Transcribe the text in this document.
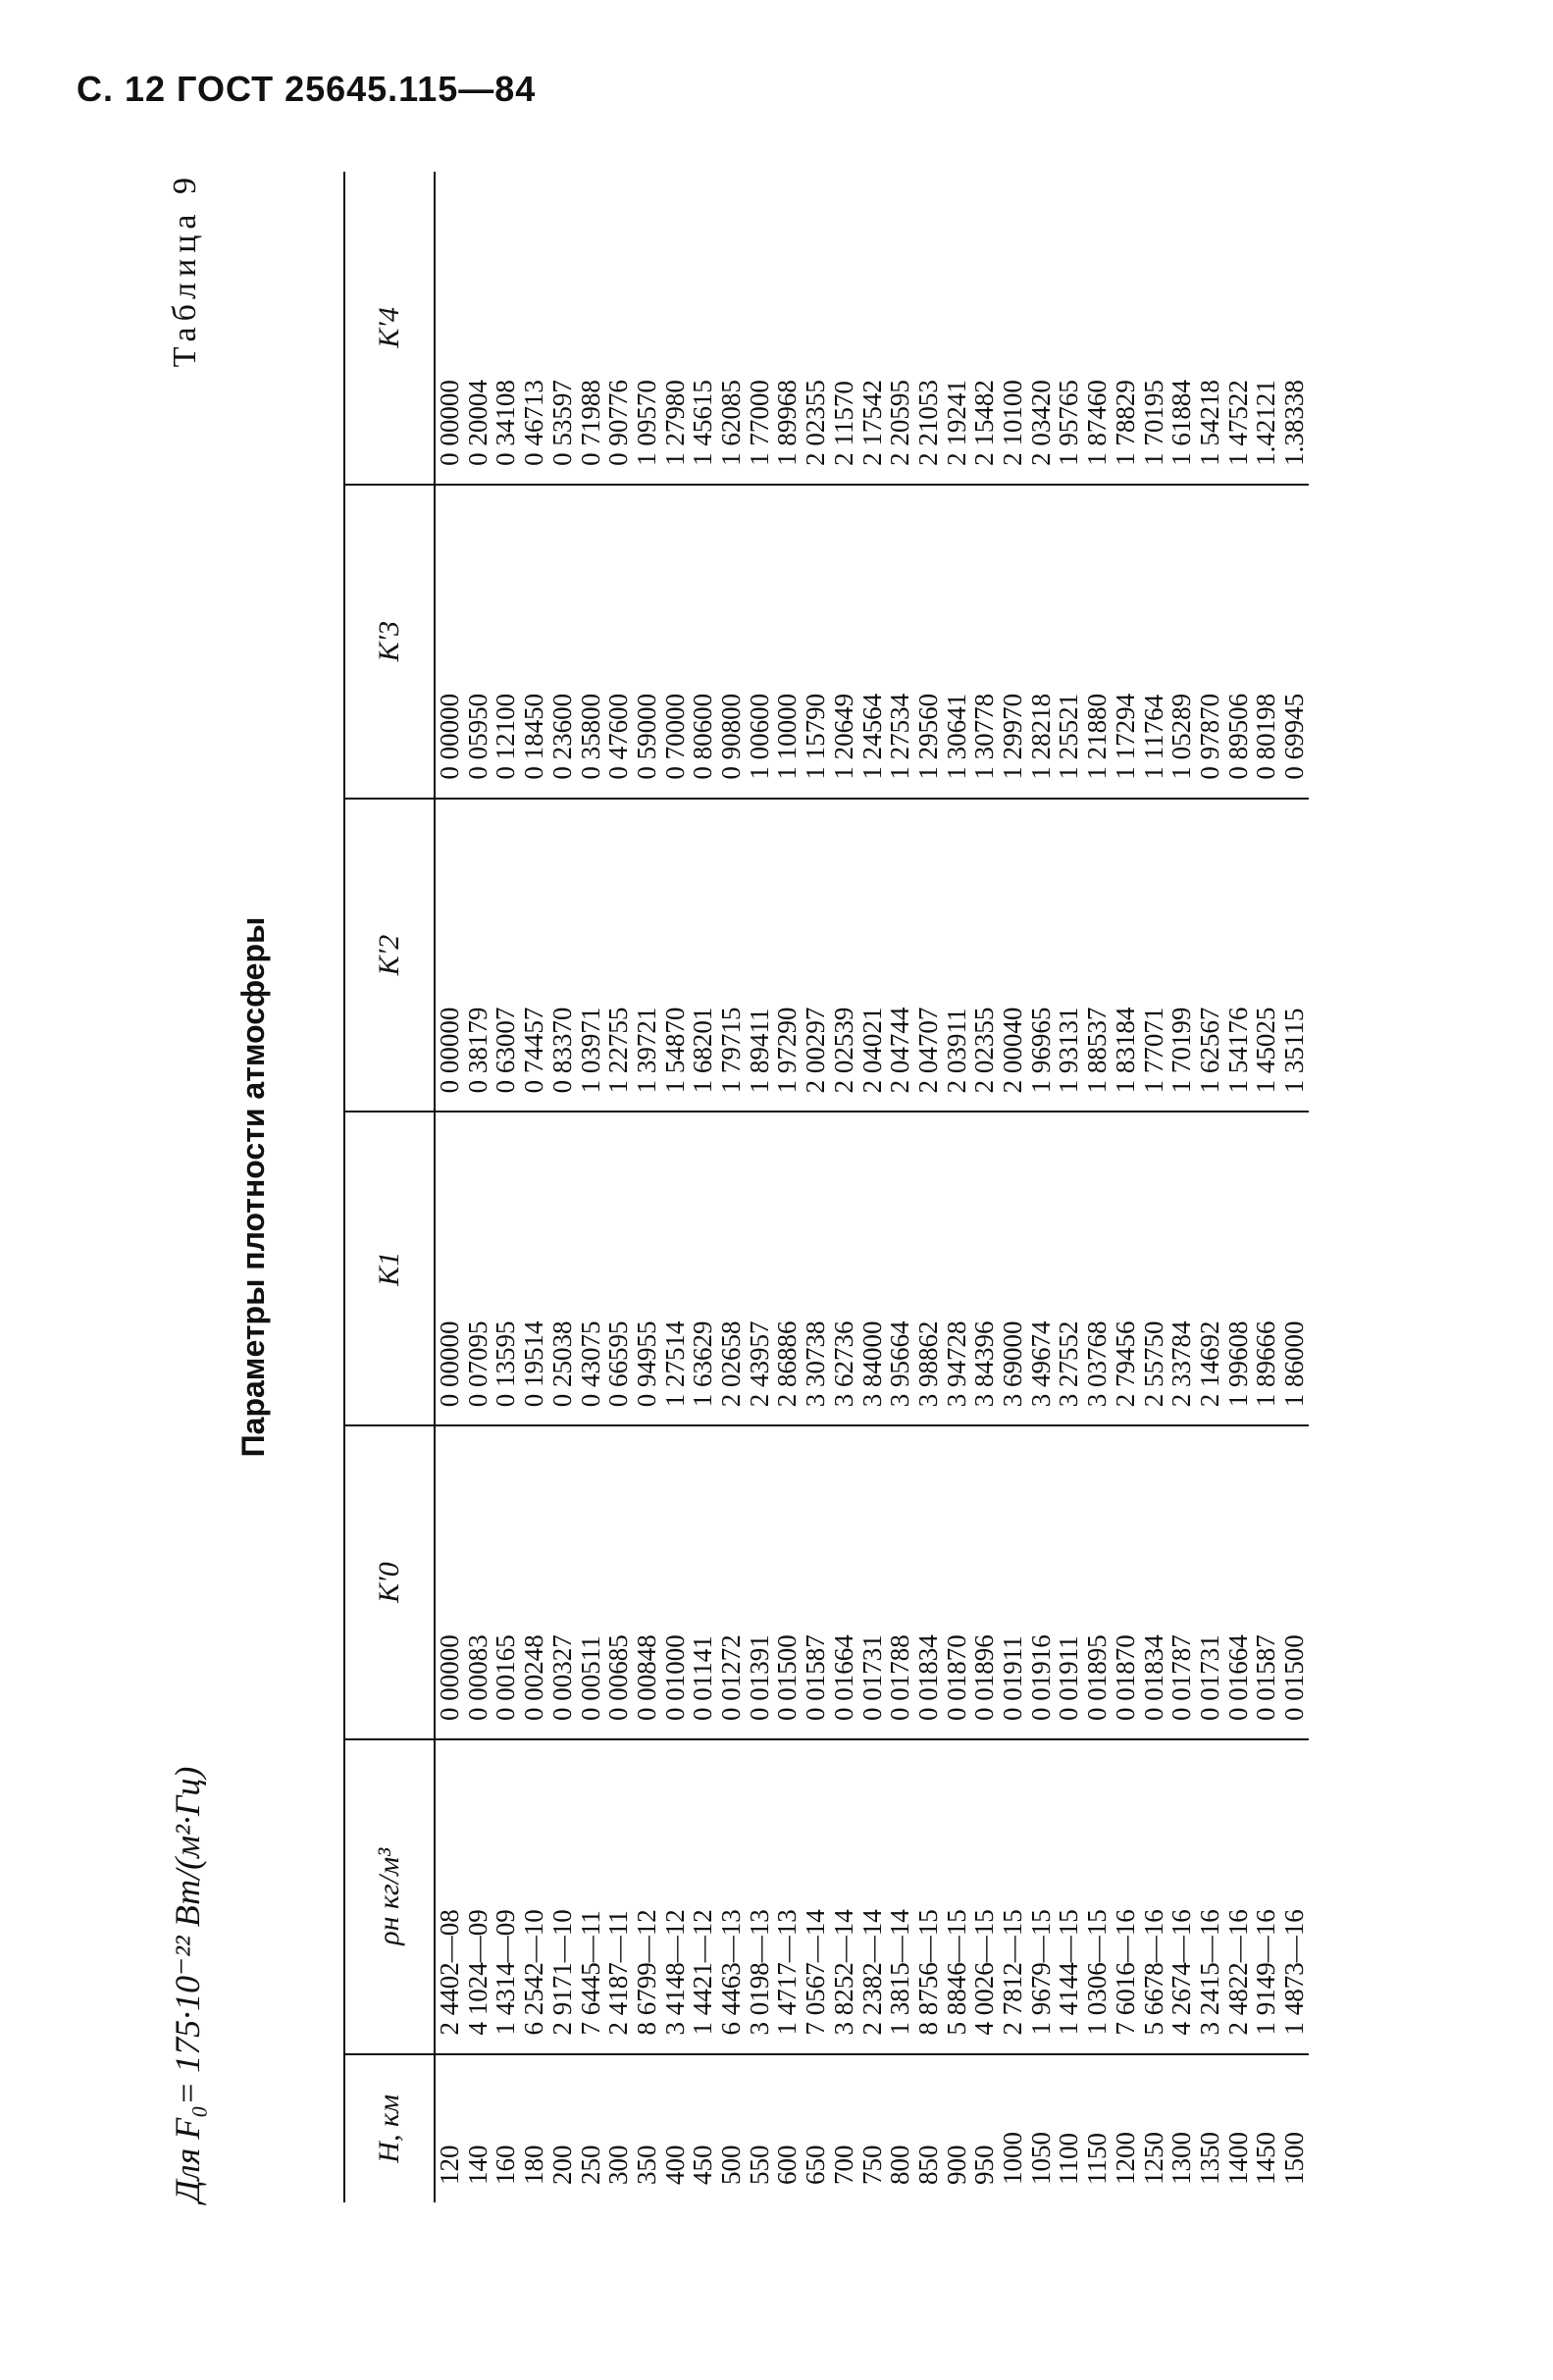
С. 12 ГОСТ 25645.115—84
Для F₀= 175·10⁻²² Вт/(м²·Гц)
Таблица 9
Параметры плотности атмосферы
H, км	ρн кг/м³	K′0	K1	K′2	K′3	K′4
120	2 4402—08	0 00000	0 00000	0 00000	0 00000	0 00000
140	4 1024—09	0 00083	0 07095	0 38179	0 05950	0 20004
160	1 4314—09	0 00165	0 13595	0 63007	0 12100	0 34108
180	6 2542—10	0 00248	0 19514	0 74457	0 18450	0 46713
200	2 9171—10	0 00327	0 25038	0 83370	0 23600	0 53597
250	7 6445—11	0 00511	0 43075	1 03971	0 35800	0 71988
300	2 4187—11	0 00685	0 66595	1 22755	0 47600	0 90776
350	8 6799—12	0 00848	0 94955	1 39721	0 59000	1 09570
400	3 4148—12	0 01000	1 27514	1 54870	0 70000	1 27980
450	1 4421—12	0 01141	1 63629	1 68201	0 80600	1 45615
500	6 4463—13	0 01272	2 02658	1 79715	0 90800	1 62085
550	3 0198—13	0 01391	2 43957	1 89411	1 00600	1 77000
600	1 4717—13	0 01500	2 86886	1 97290	1 10000	1 89968
650	7 0567—14	0 01587	3 30738	2 00297	1 15790	2 02355
700	3 8252—14	0 01664	3 62736	2 02539	1 20649	2 11570
750	2 2382—14	0 01731	3 84000	2 04021	1 24564	2 17542
800	1 3815—14	0 01788	3 95664	2 04744	1 27534	2 20595
850	8 8756—15	0 01834	3 98862	2 04707	1 29560	2 21053
900	5 8846—15	0 01870	3 94728	2 03911	1 30641	2 19241
950	4 0026—15	0 01896	3 84396	2 02355	1 30778	2 15482
1000	2 7812—15	0 01911	3 69000	2 00040	1 29970	2 10100
1050	1 9679—15	0 01916	3 49674	1 96965	1 28218	2 03420
1100	1 4144—15	0 01911	3 27552	1 93131	1 25521	1 95765
1150	1 0306—15	0 01895	3 03768	1 88537	1 21880	1 87460
1200	7 6016—16	0 01870	2 79456	1 83184	1 17294	1 78829
1250	5 6678—16	0 01834	2 55750	1 77071	1 11764	1 70195
1300	4 2674—16	0 01787	2 33784	1 70199	1 05289	1 61884
1350	3 2415—16	0 01731	2 14692	1 62567	0 97870	1 54218
1400	2 4822—16	0 01664	1 99608	1 54176	0 89506	1 47522
1450	1 9149—16	0 01587	1 89666	1 45025	0 80198	1.42121
1500	1 4873—16	0 01500	1 86000	1 35115	0 69945	1.38338
